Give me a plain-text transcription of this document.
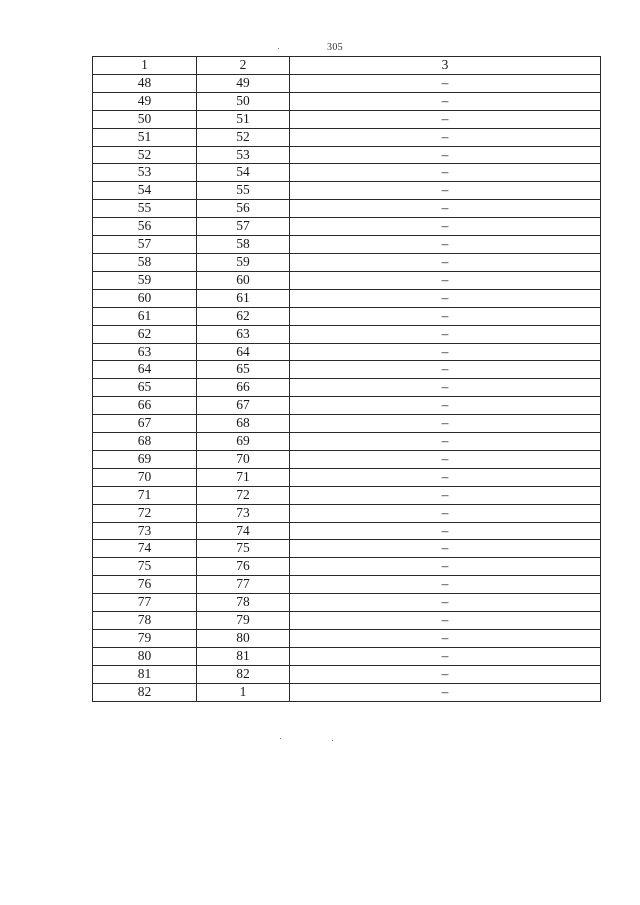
305
1	2	3
48	49	–
49	50	–
50	51	–
51	52	–
52	53	–
53	54	–
54	55	–
55	56	–
56	57	–
57	58	–
58	59	–
59	60	–
60	61	–
61	62	–
62	63	–
63	64	–
64	65	–
65	66	–
66	67	–
67	68	–
68	69	–
69	70	–
70	71	–
71	72	–
72	73	–
73	74	–
74	75	–
75	76	–
76	77	–
77	78	–
78	79	–
79	80	–
80	81	–
81	82	–
82	1	–
